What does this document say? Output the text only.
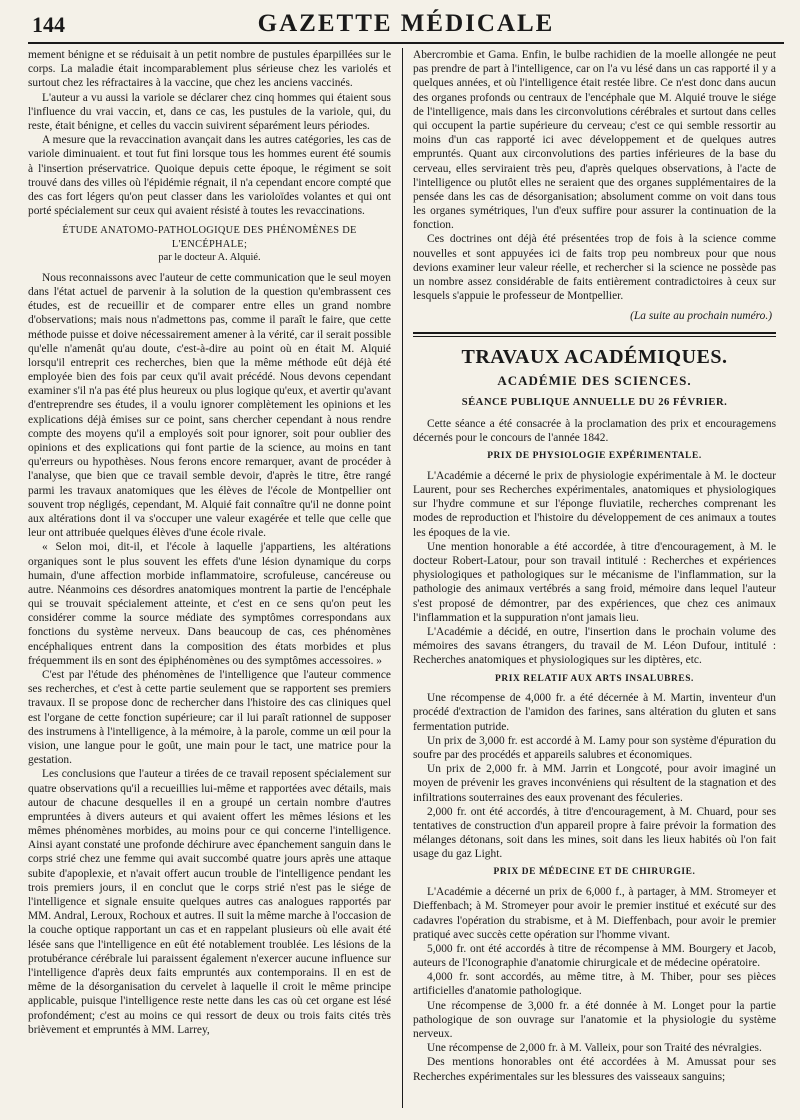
144	GAZETTE MÉDICALE

mement bénigne et se réduisait à un petit nombre de pustules éparpillées sur le corps. La maladie était incomparablement plus sérieuse chez les variolés et surtout chez les réfractaires à la vaccine, que chez les anciens vaccinés.

L'auteur a vu aussi la variole se déclarer chez cinq hommes qui étaient sous l'influence du vrai vaccin, et, dans ce cas, les pustules de la variole, qui, du reste, était bénigne, et celles du vaccin suivirent séparément leurs périodes.

A mesure que la revaccination avançait dans les autres catégories, les cas de variole diminuaient. et tout fut fini lorsque tous les hommes eurent été soumis à l'insertion préservatrice. Quoique depuis cette époque, le régiment se soit trouvé dans des villes où l'épidémie régnait, il n'a cependant encore compté que des cas fort légers qu'on peut classer dans les varioloïdes volantes et qui ont porté spécialement sur ceux qui avaient résisté à toutes les revaccinations.

ÉTUDE ANATOMO-PATHOLOGIQUE DES PHÉNOMÈNES DE L'ENCÉPHALE;
par le docteur A. Alquié.

Nous reconnaissons avec l'auteur de cette communication que le seul moyen dans l'état actuel de parvenir à la solution de la question qu'embrassent ces études, est de recueillir et de comparer entre elles un grand nombre d'observations; mais nous n'admettons pas, comme il paraît le faire, que cette méthode puisse et doive nécessairement amener à la vérité, car il serait possible qu'elle n'amenât qu'au doute, c'est-à-dire au point où en était M. Alquié lorsqu'il entreprit ces recherches, bien que la même méthode eût déjà été employée bien des fois par ceux qu'il avait précédé. Nous devons cependant examiner s'il n'a pas été plus heureux ou plus logique qu'eux, et avertir qu'avant d'entreprendre ses études, il a voulu ignorer complètement les opinions et les explications déjà émises sur ce point, sans chercher cependant à nous rendre compte des moyens qu'il a employés soit pour ignorer, soit pour oublier des opinions et des explications qui font partie de la science, au moins en tant qu'erreurs ou hypothèses. Nous ferons encore remarquer, avant de procéder à l'analyse, que bien que ce travail semble devoir, d'après le titre, être rangé parmi les travaux anatomiques que les élèves de l'école de Montpellier ont souvent trop négligés, cependant, M. Alquié fait connaître qu'il ne donne point aux altérations dont il va s'occuper une valeur exagérée et telle que celle que leur ont attribuée quelques élèves d'une école rivale.

« Selon moi, dit-il, et l'école à laquelle j'appartiens, les altérations organiques sont le plus souvent les effets d'une lésion dynamique du corps humain, d'une affection morbide inflammatoire, scrofuleuse, cancéreuse ou autre. Néanmoins ces désordres anatomiques montrent la partie de l'encéphale qui se trouvait spécialement atteinte, et c'est en ce sens qu'on peut les considérer comme la source médiate des symptômes correspondans aux fonctions du système nerveux. Dans beaucoup de cas, ces phénomènes encéphaliques entrent dans la composition des états morbides et plus fréquemment ils en sont des épiphénomènes ou des symptômes accessoires. »

C'est par l'étude des phénomènes de l'intelligence que l'auteur commence ses recherches, et c'est à cette partie seulement que se rapportent ses premiers travaux. Il se propose donc de rechercher dans l'histoire des cas cliniques quel est l'organe de cette fonction supérieure; car il lui paraît rationnel de supposer des instrumens à l'intelligence, à la mémoire, à la parole, comme un œil pour la vision, une langue pour le goût, une main pour le tact, une matrice pour la gestation.

Les conclusions que l'auteur a tirées de ce travail reposent spécialement sur quatre observations qu'il a recueillies lui-même et rapportées avec détails, mais autour de chacune desquelles il en a groupé un certain nombre d'autres empruntées à divers auteurs et qui avaient offert les mêmes lésions et les mêmes phénomènes morbides, au moins pour ce qui concerne l'intelligence. Ainsi ayant constaté une profonde déchirure avec épanchement sanguin dans le corps strié chez une femme qui avait succombé quatre jours après une attaque subite d'apoplexie, et n'avait offert aucun trouble de l'intelligence pendant les trois premiers jours, il en conclut que le corps strié n'est pas le siége de l'intelligence et signale ensuite quelques autres cas analogues rapportés par MM. Andral, Leroux, Rochoux et autres. Il suit la même marche à l'occasion de la couche optique rapportant un cas et en rappelant plusieurs où elle avait été lésée sans que l'intelligence en eût été notablement troublée. Les lésions de la protubérance cérébrale lui paraissent également n'exercer aucune influence sur l'intelligence d'après deux faits empruntés aux contemporains. Il en est de même de la désorganisation du cervelet à laquelle il croit le même principe applicable, puisque l'intelligence reste nette dans les cas où cet organe est lésé profondément; c'est au moins ce qui ressort de deux ou trois faits cités très brièvement et empruntés à MM. Larrey,

Abercrombie et Gama. Enfin, le bulbe rachidien de la moelle allongée ne peut pas prendre de part à l'intelligence, car on l'a vu lésé dans un cas rapporté il y a quelques années, et où l'intelligence était restée libre. Ce n'est donc dans aucun des organes profonds ou centraux de l'encéphale que M. Alquié trouve le siége de l'intelligence, mais dans les circonvolutions cérébrales et surtout dans celles qui occupent la partie supérieure du cerveau; c'est ce qui semble ressortir au moins d'un cas rapporté ici avec développement et de quelques autres empruntés. Quant aux circonvolutions des parties inférieures de la base du cerveau, elles serviraient très peu, d'après quelques observations, à l'acte de l'intelligence ou plutôt elles ne seraient que des organes supplémentaires de la pensée dans les cas de désorganisation; absolument comme on voit dans tous les organes symétriques, l'un d'eux suffire pour assurer la continuation de la fonction.

Ces doctrines ont déjà été présentées trop de fois à la science comme nouvelles et sont appuyées ici de faits trop peu nombreux pour que nous devions examiner leur valeur réelle, et rechercher si la science ne possède pas un nombre assez considérable de faits entièrement contradictoires à ceux sur lesquels s'appuie le professeur de Montpellier.

(La suite au prochain numéro.)
TRAVAUX ACADÉMIQUES.
ACADÉMIE DES SCIENCES.
SÉANCE PUBLIQUE ANNUELLE DU 26 FÉVRIER.

Cette séance a été consacrée à la proclamation des prix et encouragemens décernés pour le concours de l'année 1842.

PRIX DE PHYSIOLOGIE EXPÉRIMENTALE.

L'Académie a décerné le prix de physiologie expérimentale à M. le docteur Laurent, pour ses Recherches expérimentales, anatomiques et physiologiques sur l'hydre commune et sur l'éponge fluviatile, recherches comprenant les modes de reproduction et l'histoire du développement de ces animaux a toutes les époques de la vie.

Une mention honorable a été accordée, à titre d'encouragement, à M. le docteur Robert-Latour, pour son travail intitulé : Recherches et expériences physiologiques et pathologiques sur le mécanisme de l'inflammation, sur la pathologie des animaux vertébrés a sang froid, mémoire dans lequel l'auteur s'est proposé de démontrer, par des expériences, que chez ces animaux l'inflammation et la suppuration n'ont jamais lieu.

L'Académie a décidé, en outre, l'insertion dans le prochain volume des mémoires des savans étrangers, du travail de M. Léon Dufour, intitulé : Recherches anatomiques et physiologiques sur les diptères, etc.

PRIX RELATIF AUX ARTS INSALUBRES.

Une récompense de 4,000 fr. a été décernée à M. Martin, inventeur d'un procédé d'extraction de l'amidon des farines, sans altération du gluten et sans fermentation putride.

Un prix de 3,000 fr. est accordé à M. Lamy pour son système d'épuration du soufre par des procédés et appareils salubres et économiques.

Un prix de 2,000 fr. à MM. Jarrin et Longcoté, pour avoir imaginé un moyen de prévenir les graves inconvéniens qui résultent de la stagnation et des infiltrations souterraines des eaux provenant des féculeries.

2,000 fr. ont été accordés, à titre d'encouragement, à M. Chuard, pour ses tentatives de construction d'un appareil propre à faire prévoir la formation des mélanges détonans, soit dans les mines, soit dans les lieux habités où l'on fait usage du gaz Light.

PRIX DE MÉDECINE ET DE CHIRURGIE.

L'Académie a décerné un prix de 6,000 f., à partager, à MM. Stromeyer et Dieffenbach; à M. Stromeyer pour avoir le premier institué et exécuté sur des cadavres l'opération du strabisme, et à M. Dieffenbach, pour avoir le premier pratiqué avec succès cette opération sur l'homme vivant.

5,000 fr. ont été accordés à titre de récompense à MM. Bourgery et Jacob, auteurs de l'Iconographie d'anatomie chirurgicale et de médecine opératoire.

4,000 fr. sont accordés, au même titre, à M. Thiber, pour ses pièces artificielles d'anatomie pathologique.

Une récompense de 3,000 fr. a été donnée à M. Longet pour la partie pathologique de son ouvrage sur l'anatomie et la physiologie du système nerveux.

Une récompense de 2,000 fr. à M. Valleix, pour son Traité des névralgies.

Des mentions honorables ont été accordées à M. Amussat pour ses Recherches expérimentales sur les blessures des vaisseaux sanguins;
